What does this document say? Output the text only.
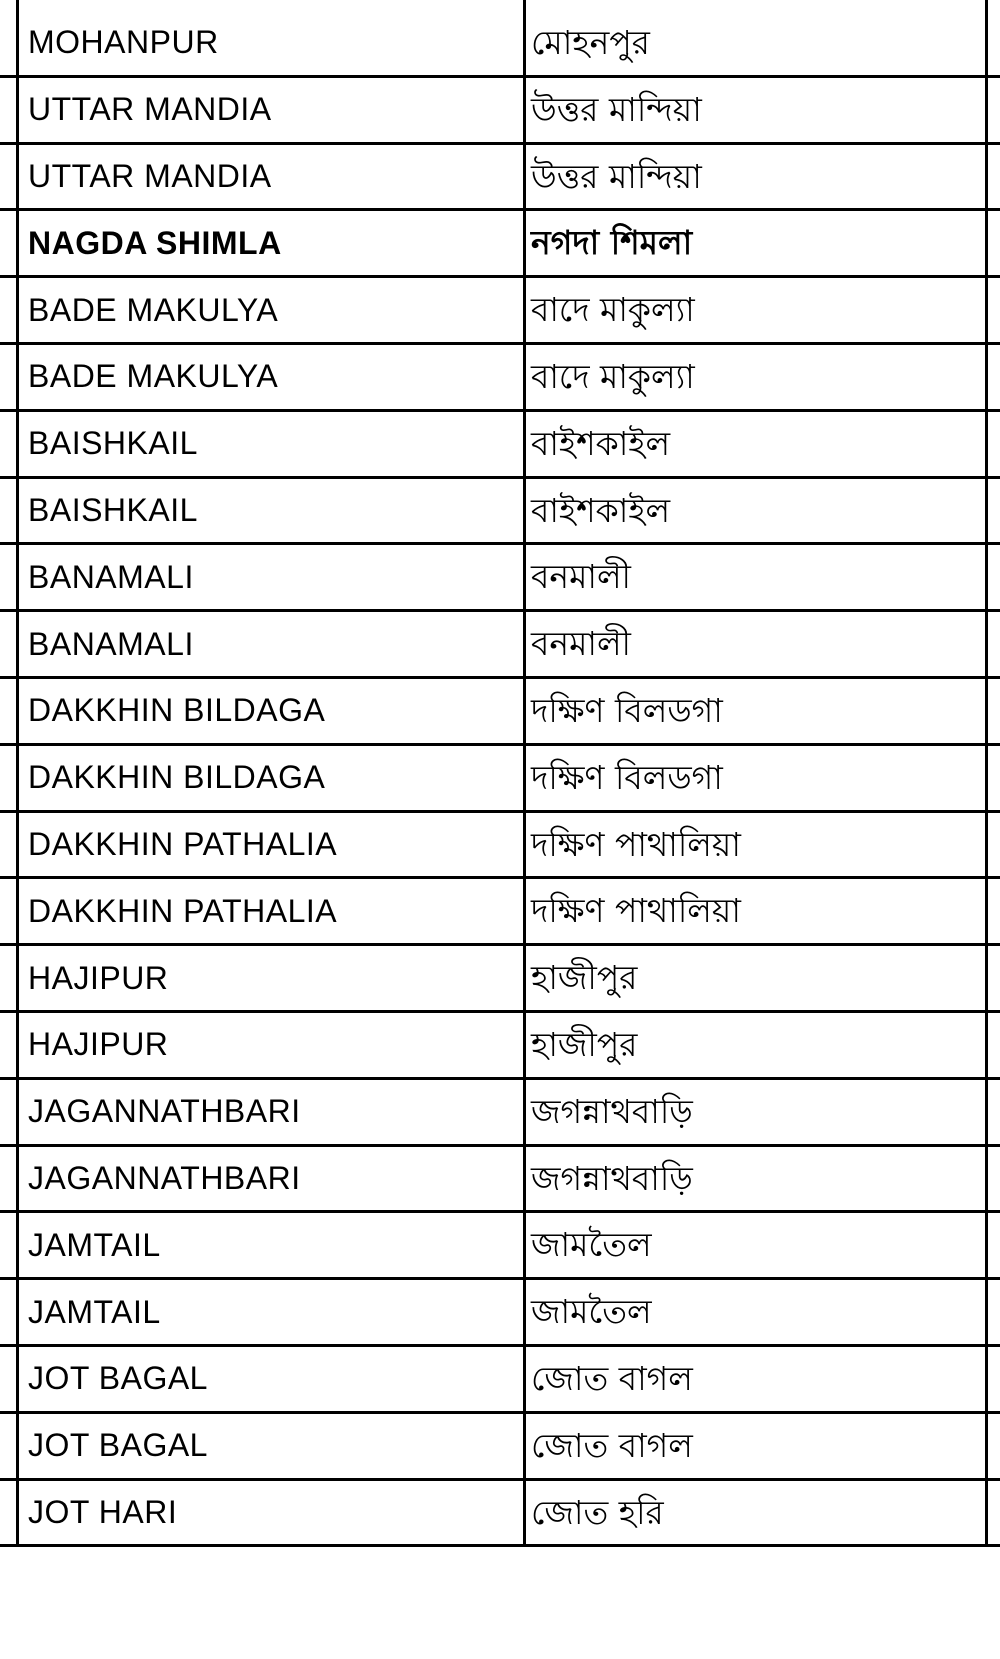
MOHANPUR	মোহনপুর
UTTAR MANDIA	উত্তর মান্দিয়া
UTTAR MANDIA	উত্তর মান্দিয়া
NAGDA SHIMLA	নগদা শিমলা
BADE MAKULYA	বাদে মাকুল্যা
BADE MAKULYA	বাদে মাকুল্যা
BAISHKAIL	বাইশকাইল
BAISHKAIL	বাইশকাইল
BANAMALI	বনমালী
BANAMALI	বনমালী
DAKKHIN BILDAGA	দক্ষিণ বিলডগা
DAKKHIN BILDAGA	দক্ষিণ বিলডগা
DAKKHIN PATHALIA	দক্ষিণ পাথালিয়া
DAKKHIN PATHALIA	দক্ষিণ পাথালিয়া
HAJIPUR	হাজীপুর
HAJIPUR	হাজীপুর
JAGANNATHBARI	জগন্নাথবাড়ি
JAGANNATHBARI	জগন্নাথবাড়ি
JAMTAIL	জামতৈল
JAMTAIL	জামতৈল
JOT BAGAL	জোত বাগল
JOT BAGAL	জোত বাগল
JOT HARI	জোত হরি
